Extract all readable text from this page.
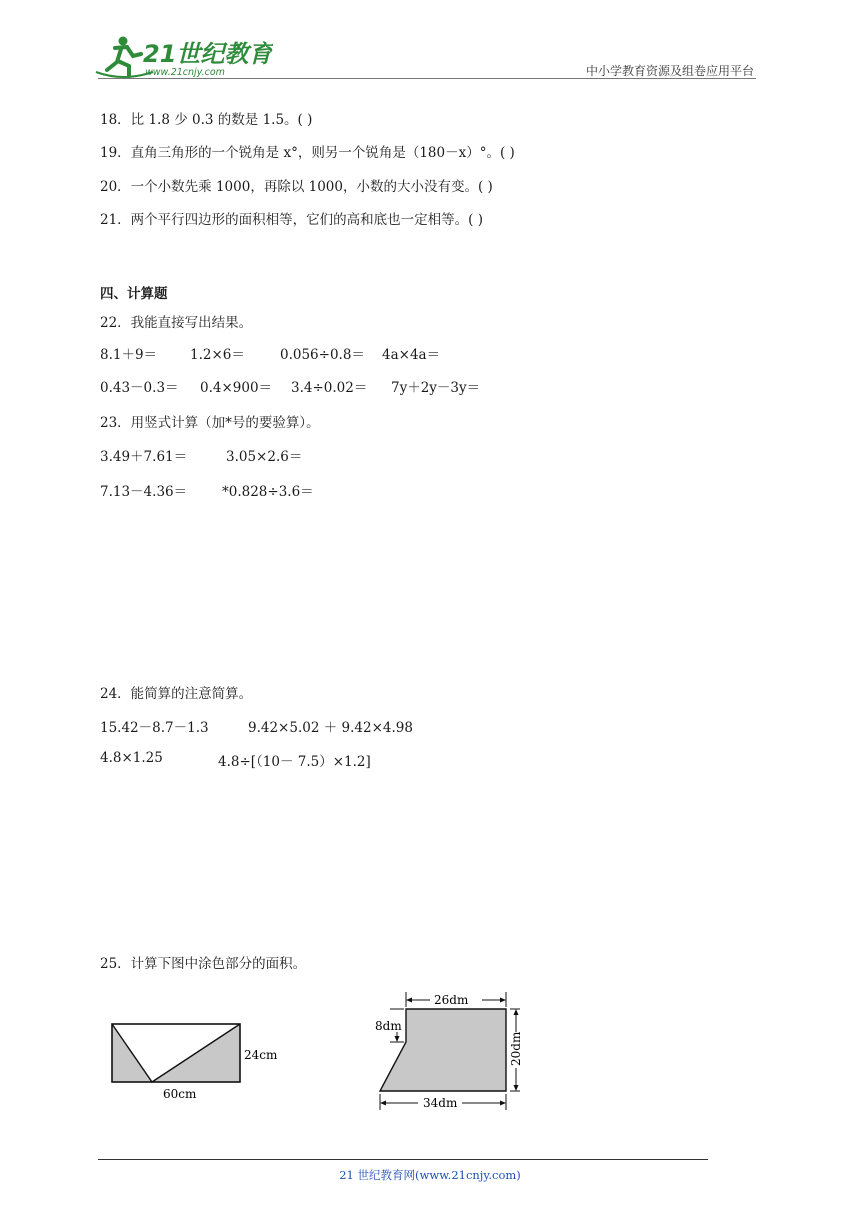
21世纪教育
www.21cnjy.com	中小学教育资源及组卷应用平台
18．比 1.8 少 0.3 的数是 1.5。( )
19．直角三角形的一个锐角是 x°，则另一个锐角是（180－x）°。( )
20．一个小数先乘 1000，再除以 1000，小数的大小没有变。( )
21．两个平行四边形的面积相等，它们的高和底也一定相等。( )
四、计算题
22．我能直接写出结果。
8.1＋9＝ 1.2×6＝	0.056÷0.8＝ 4a×4a＝
0.43－0.3＝ 0.4×900＝ 3.4÷0.02＝ 7y＋2y－3y＝
23．用竖式计算（加*号的要验算）。
3.49＋7.61＝	3.05×2.6＝
7.13－4.36＝	*0.828÷3.6＝
24．能简算的注意简算。
15.42－8.7－1.3	9.42×5.02 ＋ 9.42×4.98
4.8×1.25	4.8÷[（10－ 7.5）×1.2]
25．计算下图中涂色部分的面积。
24cm
60cm
26dm
8dm
20dm
34dm
21 世纪教育网(www.21cnjy.com)
